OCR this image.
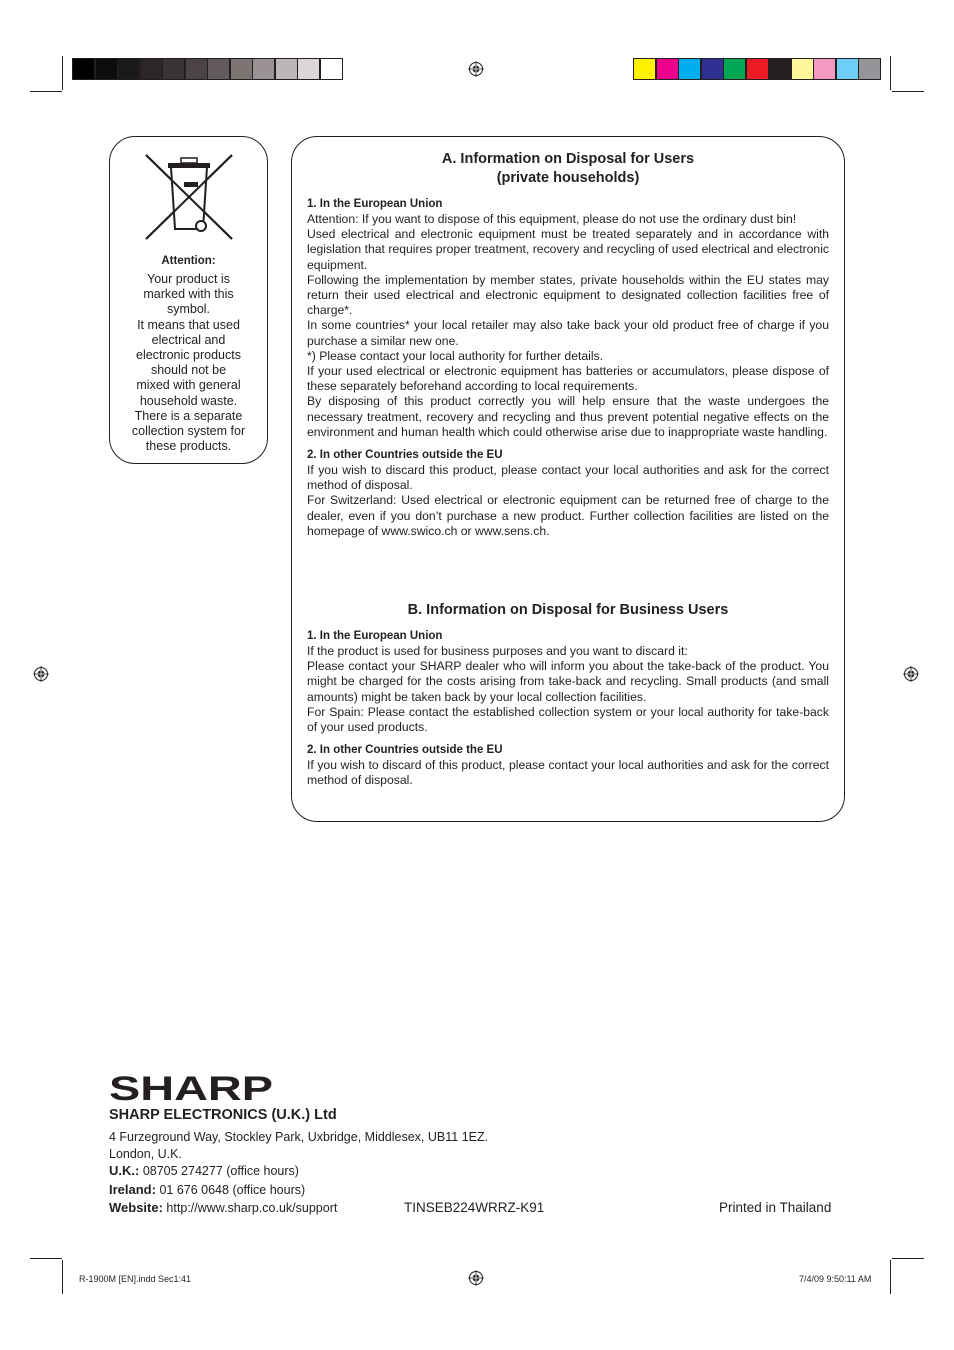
Attention:
Your product is
marked with this
symbol.
It means that used
electrical and
electronic products
should not be
mixed with general
household waste.
There is a separate
collection system for
these products.
A. Information on Disposal for Users
(private households)
1. In the European Union

Attention: If you want to dispose of this equipment, please do not use the ordinary dust bin!

Used electrical and electronic equipment must be treated separately and in accordance with legislation that requires proper treatment, recovery and recycling of used electrical and electronic equipment.

Following the implementation by member states, private households within the EU states may return their used electrical and electronic equipment to designated collection facilities free of charge*.

In some countries* your local retailer may also take back your old product free of charge if you purchase a similar new one.

*) Please contact your local authority for further details.

If your used electrical or electronic equipment has batteries or accumulators, please dispose of these separately beforehand according to local requirements.

By disposing of this product correctly you will help ensure that the waste undergoes the necessary treatment, recovery and recycling and thus prevent potential negative effects on the environment and human health which could otherwise arise due to inappropriate waste handling.

2. In other Countries outside the EU

If you wish to discard this product, please contact your local authorities and ask for the correct method of disposal.

For Switzerland: Used electrical or electronic equipment can be returned free of charge to the dealer, even if you don’t purchase a new product. Further collection facilities are listed on the homepage of www.swico.ch or www.sens.ch.

B. Information on Disposal for Business Users
1. In the European Union

If the product is used for business purposes and you want to discard it:

Please contact your SHARP dealer who will inform you about the take-back of the product. You might be charged for the costs arising from take-back and recycling. Small products (and small amounts) might be taken back by your local collection facilities.

For Spain: Please contact the established collection system or your local authority for take-back of your used products.

2. In other Countries outside the EU

If you wish to discard of this product, please contact your local authorities and ask for the correct method of disposal.

SHARP
SHARP ELECTRONICS (U.K.) Ltd
4 Furzeground Way, Stockley Park, Uxbridge, Middlesex, UB11 1EZ.
London, U.K.
U.K.: 08705 274277 (office hours)
Ireland: 01 676 0648 (office hours)
Website: http://www.sharp.co.uk/support	TINSEB224WRRZ-K91	Printed in Thailand
R-1900M [EN].indd Sec1:41	7/4/09 9:50:11 AM
